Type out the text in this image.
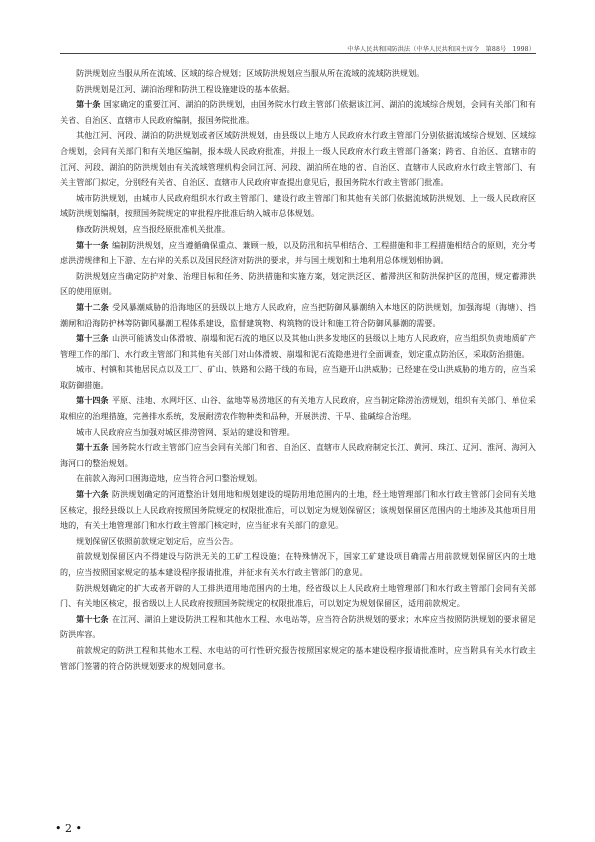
中华人民共和国防洪法（中华人民共和国主席令　第88号　1998）

防洪规划应当服从所在流域、区域的综合规划；区域防洪规划应当服从所在流域的流域防洪规划。

防洪规划是江河、湖泊治理和防洪工程设施建设的基本依据。

第十条 国家确定的重要江河、湖泊的防洪规划，由国务院水行政主管部门依据该江河、湖泊的流域综合规划，会同有关部门和有关省、自治区、直辖市人民政府编制，报国务院批准。

其他江河、河段、湖泊的防洪规划或者区域防洪规划，由县级以上地方人民政府水行政主管部门分别依据流域综合规划、区域综合规划，会同有关部门和有关地区编制，报本级人民政府批准，并报上一级人民政府水行政主管部门备案；跨省、自治区、直辖市的江河、河段、湖泊的防洪规划由有关流域管理机构会同江河、河段、湖泊所在地的省、自治区、直辖市人民政府水行政主管部门、有关主管部门拟定，分别经有关省、自治区、直辖市人民政府审查提出意见后，报国务院水行政主管部门批准。

城市防洪规划，由城市人民政府组织水行政主管部门、建设行政主管部门和其他有关部门依据流域防洪规划、上一级人民政府区域防洪规划编制，按照国务院规定的审批程序批准后纳入城市总体规划。

修改防洪规划，应当报经原批准机关批准。

第十一条 编制防洪规划，应当遵循确保重点、兼顾一般，以及防汛和抗旱相结合、工程措施和非工程措施相结合的原则，充分考虑洪涝规律和上下游、左右岸的关系以及国民经济对防洪的要求，并与国土规划和土地利用总体规划相协调。

防洪规划应当确定防护对象、治理目标和任务、防洪措施和实施方案，划定洪泛区、蓄滞洪区和防洪保护区的范围，规定蓄滞洪区的使用原则。

第十二条 受风暴潮威胁的沿海地区的县级以上地方人民政府，应当把防御风暴潮纳入本地区的防洪规划，加强海堤（海塘）、挡潮闸和沿海防护林等防御风暴潮工程体系建设，监督建筑物、构筑物的设计和施工符合防御风暴潮的需要。

第十三条 山洪可能诱发山体滑坡、崩塌和泥石流的地区以及其他山洪多发地区的县级以上地方人民政府，应当组织负责地质矿产管理工作的部门、水行政主管部门和其他有关部门对山体滑坡、崩塌和泥石流隐患进行全面调查，划定重点防治区，采取防治措施。

城市、村镇和其他居民点以及工厂、矿山、铁路和公路干线的布局，应当避开山洪威胁；已经建在受山洪威胁的地方的，应当采取防御措施。

第十四条 平原、洼地、水网圩区、山谷、盆地等易涝地区的有关地方人民政府，应当制定除涝治涝规划，组织有关部门、单位采取相应的治理措施，完善排水系统，发展耐涝农作物种类和品种，开展洪涝、干旱、盐碱综合治理。

城市人民政府应当加强对城区排涝管网、泵站的建设和管理。

第十五条 国务院水行政主管部门应当会同有关部门和省、自治区、直辖市人民政府制定长江、黄河、珠江、辽河、淮河、海河入海河口的整治规划。

在前款入海河口围海造地，应当符合河口整治规划。

第十六条 防洪规划确定的河道整治计划用地和规划建设的堤防用地范围内的土地，经土地管理部门和水行政主管部门会同有关地区核定，报经县级以上人民政府按照国务院规定的权限批准后，可以划定为规划保留区；该规划保留区范围内的土地涉及其他项目用地的，有关土地管理部门和水行政主管部门核定时，应当征求有关部门的意见。

规划保留区依照前款规定划定后，应当公告。

前款规划保留区内不得建设与防洪无关的工矿工程设施；在特殊情况下，国家工矿建设项目确需占用前款规划保留区内的土地的，应当按照国家规定的基本建设程序报请批准，并征求有关水行政主管部门的意见。

防洪规划确定的扩大或者开辟的人工排洪道用地范围内的土地，经省级以上人民政府土地管理部门和水行政主管部门会同有关部门、有关地区核定，报省级以上人民政府按照国务院规定的权限批准后，可以划定为规划保留区，适用前款规定。

第十七条 在江河、湖泊上建设防洪工程和其他水工程、水电站等，应当符合防洪规划的要求；水库应当按照防洪规划的要求留足防洪库容。

前款规定的防洪工程和其他水工程、水电站的可行性研究报告按照国家规定的基本建设程序报请批准时，应当附具有关水行政主管部门签署的符合防洪规划要求的规划同意书。

• 2 •
